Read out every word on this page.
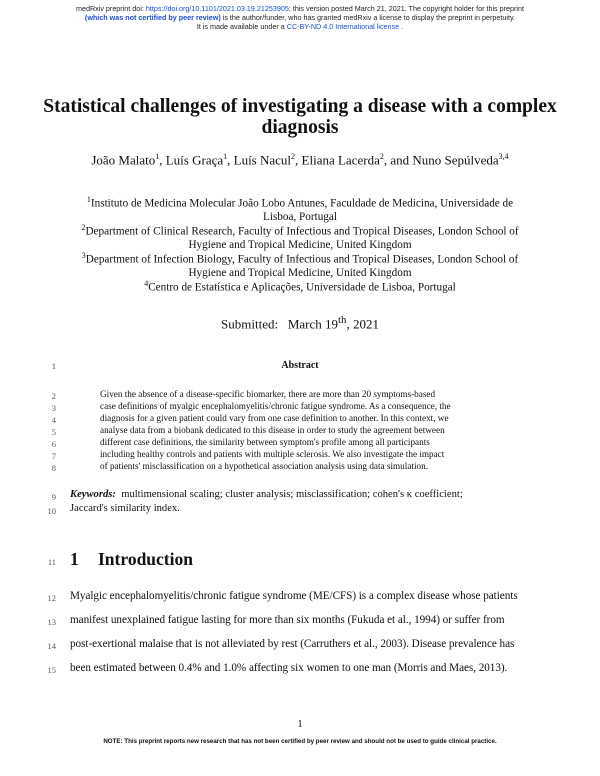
medRxiv preprint doi: https://doi.org/10.1101/2021.03.19.21253905; this version posted March 21, 2021. The copyright holder for this preprint
(which was not certified by peer review) is the author/funder, who has granted medRxiv a license to display the preprint in perpetuity.
It is made available under a CC-BY-ND 4.0 International license .
Statistical challenges of investigating a disease with a complex diagnosis
João Malato$^1$, Luís Graça$^1$, Luís Nacul$^2$, Eliana Lacerda$^2$, and Nuno Sepúlveda$^{3,4}$
$^1$Instituto de Medicina Molecular João Lobo Antunes, Faculdade de Medicina, Universidade de
Lisboa, Portugal
$^2$Department of Clinical Research, Faculty of Infectious and Tropical Diseases, London School of
Hygiene and Tropical Medicine, United Kingdom
$^3$Department of Infection Biology, Faculty of Infectious and Tropical Diseases, London School of
Hygiene and Tropical Medicine, United Kingdom
$^4$Centro de Estatística e Aplicações, Universidade de Lisboa, Portugal
Submitted: March 19th, 2021
1	Abstract
2	Given the absence of a disease-specific biomarker, there are more than 20 symptoms-based
3	case definitions of myalgic encephalomyelitis/chronic fatigue syndrome. As a consequence, the
4	diagnosis for a given patient could vary from one case definition to another. In this context, we
5	analyse data from a biobank dedicated to this disease in order to study the agreement between
6	different case definitions, the similarity between symptom's profile among all participants
7	including healthy controls and patients with multiple sclerosis. We also investigate the impact
8	of patients' misclassification on a hypothetical association analysis using data simulation.
9 Keywords: multimensional scaling; cluster analysis; misclassification; cohen's κ coefficient;
10 Jaccard's similarity index.
11 1 Introduction
12 Myalgic encephalomyelitis/chronic fatigue syndrome (ME/CFS) is a complex disease whose patients
13 manifest unexplained fatigue lasting for more than six months (Fukuda et al., 1994) or suffer from
14 post-exertional malaise that is not alleviated by rest (Carruthers et al., 2003). Disease prevalence has
15 been estimated between 0.4% and 1.0% affecting six women to one man (Morris and Maes, 2013).
1
NOTE: This preprint reports new research that has not been certified by peer review and should not be used to guide clinical practice.
